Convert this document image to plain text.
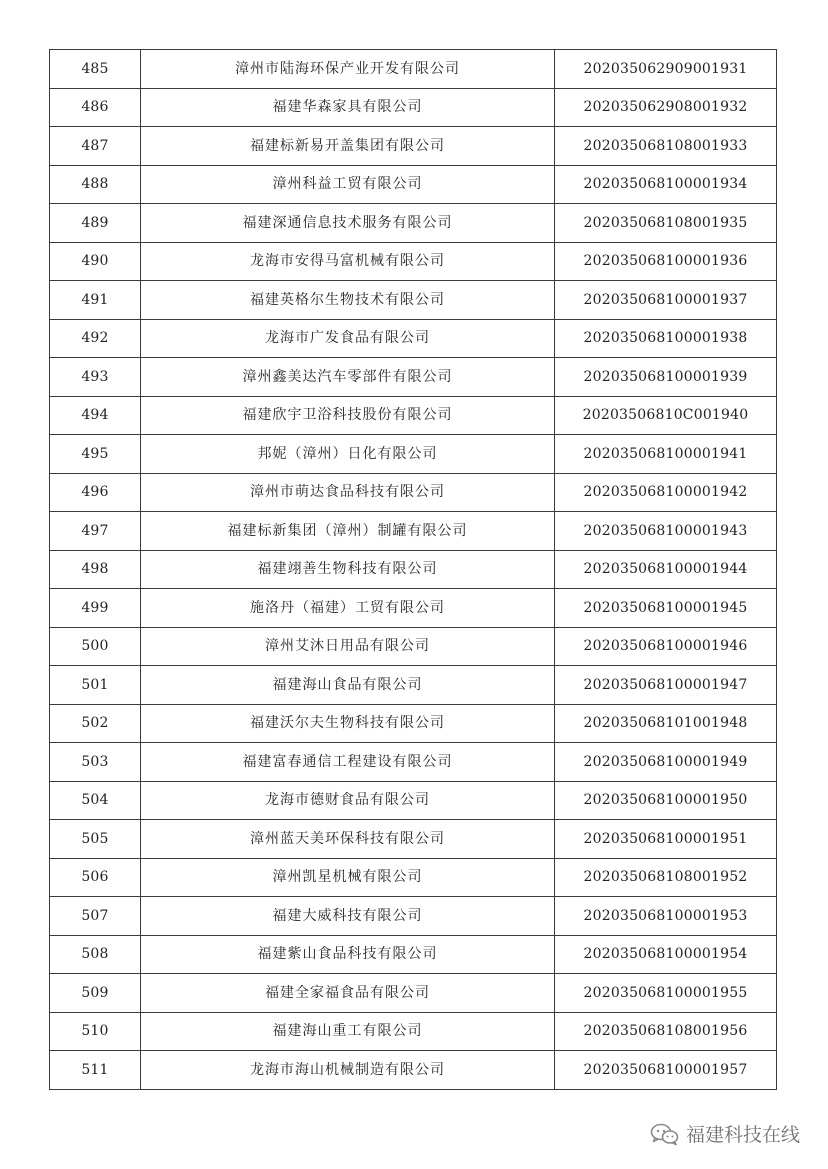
485	漳州市陆海环保产业开发有限公司	202035062909001931
486	福建华森家具有限公司	202035062908001932
487	福建标新易开盖集团有限公司	202035068108001933
488	漳州科益工贸有限公司	202035068100001934
489	福建深通信息技术服务有限公司	202035068108001935
490	龙海市安得马富机械有限公司	202035068100001936
491	福建英格尔生物技术有限公司	202035068100001937
492	龙海市广发食品有限公司	202035068100001938
493	漳州鑫美达汽车零部件有限公司	202035068100001939
494	福建欣宇卫浴科技股份有限公司	20203506810C001940
495	邦妮（漳州）日化有限公司	202035068100001941
496	漳州市萌达食品科技有限公司	202035068100001942
497	福建标新集团（漳州）制罐有限公司	202035068100001943
498	福建翊善生物科技有限公司	202035068100001944
499	施洛丹（福建）工贸有限公司	202035068100001945
500	漳州艾沐日用品有限公司	202035068100001946
501	福建海山食品有限公司	202035068100001947
502	福建沃尔夫生物科技有限公司	202035068101001948
503	福建富春通信工程建设有限公司	202035068100001949
504	龙海市德财食品有限公司	202035068100001950
505	漳州蓝天美环保科技有限公司	202035068100001951
506	漳州凯星机械有限公司	202035068108001952
507	福建大威科技有限公司	202035068100001953
508	福建紫山食品科技有限公司	202035068100001954
509	福建全家福食品有限公司	202035068100001955
510	福建海山重工有限公司	202035068108001956
511	龙海市海山机械制造有限公司	202035068100001957
福建科技在线
